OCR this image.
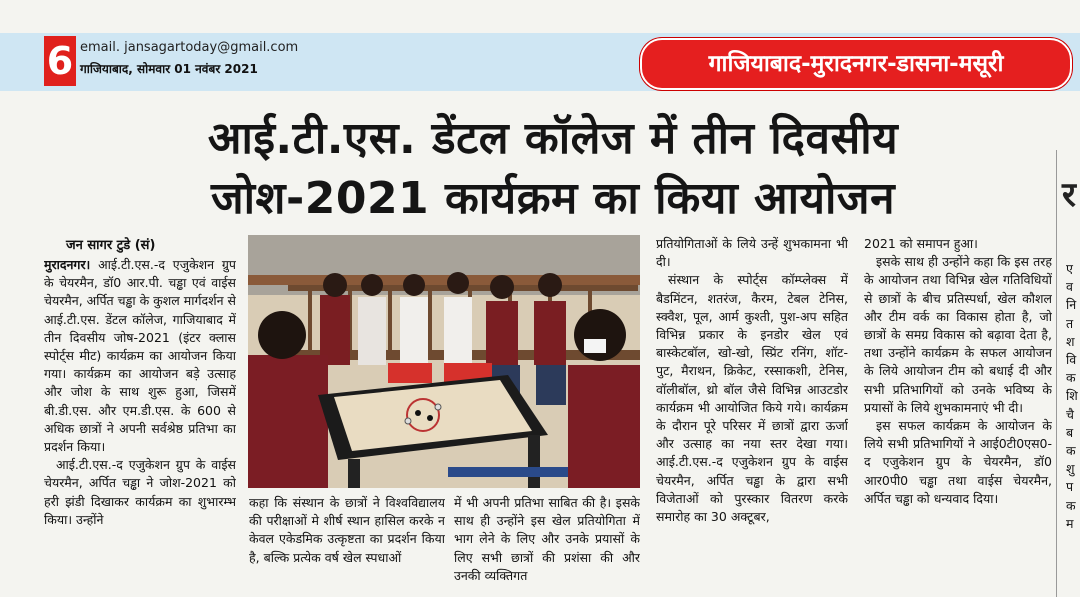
6 email. jansagartoday@gmail.com
गाजियाबाद, सोमवार 01 नवंबर 2021	गाजियाबाद-मुरादनगर-डासना-मसूरी
आई.टी.एस. डेंटल कॉलेज में तीन दिवसीय
जोश-2021 कार्यक्रम का किया आयोजन	र
जन सागर टुडे (सं)

मुरादनगर। आई.टी.एस.-द एजुकेशन ग्रुप के चेयरमैन, डॉ0 आर.पी. चड्ढा एवं वाईस चेयरमैन, अर्पित चड्ढा के कुशल मार्गदर्शन से आई.टी.एस. डेंटल कॉलेज, गाजियाबाद में तीन दिवसीय जोष-2021 (इंटर क्लास स्पोर्ट्स मीट) कार्यक्रम का आयोजन किया गया। कार्यक्रम का आयोजन बड़े उत्साह और जोश के साथ शुरू हुआ, जिसमें बी.डी.एस. और एम.डी.एस. के 600 से अधिक छात्रों ने अपनी सर्वश्रेष्ठ प्रतिभा का प्रदर्शन किया।

आई.टी.एस.-द एजुकेशन ग्रुप के वाईस चेयरमैन, अर्पित चड्ढा ने जोश-2021 को हरी झंडी दिखाकर कार्यक्रम का शुभारम्भ किया। उन्होंने

कहा कि संस्थान के छात्रों ने विश्वविद्यालय की परीक्षाओं मे शीर्ष स्थान हासिल करके न केवल एकेडमिक उत्कृष्टता का प्रदर्शन किया है, बल्कि प्रत्येक वर्ष खेल स्पधाओं

में भी अपनी प्रतिभा साबित की है। इसके साथ ही उन्होंने इस खेल प्रतियोगिता में भाग लेने के लिए और उनके प्रयासों के लिए सभी छात्रों की प्रशंसा की और उनकी व्यक्तिगत

प्रतियोगिताओं के लिये उन्हें शुभकामना भी दी।

संस्थान के स्पोर्ट्स कॉम्प्लेक्स में बैडमिंटन, शतरंज, कैरम, टेबल टेनिस, स्क्वैश, पूल, आर्म कुश्ती, पुश-अप सहित विभिन्न प्रकार के इनडोर खेल एवं बास्केटबॉल, खो-खो, स्प्रिंट रनिंग, शॉट-पुट, मैराथन, क्रिकेट, रस्साकशी, टेनिस, वॉलीबॉल, थ्रो बॉल जैसे विभिन्न आउटडोर कार्यक्रम भी आयोजित किये गये। कार्यक्रम के दौरान पूरे परिसर में छात्रों द्वारा ऊर्जा और उत्साह का नया स्तर देखा गया। आई.टी.एस.-द एजुकेशन ग्रुप के वाईस चेयरमैन, अर्पित चड्ढा के द्वारा सभी विजेताओं को पुरस्कार वितरण करके समारोह का 30 अक्टूबर,

2021 को समापन हुआ।

इसके साथ ही उन्होंने कहा कि इस तरह के आयोजन तथा विभिन्न खेल गतिविधियों से छात्रों के बीच प्रतिस्पर्धा, खेल कौशल और टीम वर्क का विकास होता है, जो छात्रों के समग्र विकास को बढ़ावा देता है, तथा उन्होंने कार्यक्रम के सफल आयोजन के लिये आयोजन टीम को बधाई दी और सभी प्रतिभागियों को उनके भविष्य के प्रयासों के लिये शुभकामनाएं भी दी।

इस सफल कार्यक्रम के आयोजन के लिये सभी प्रतिभागियों ने आई0टी0एस0-द एजुकेशन ग्रुप के चेयरमैन, डॉ0 आर0पी0 चड्ढा तथा वाईस चेयरमैन, अर्पित चड्ढा को धन्यवाद दिया।

ए व नि त श वि क शि चै ब क शु प क म
